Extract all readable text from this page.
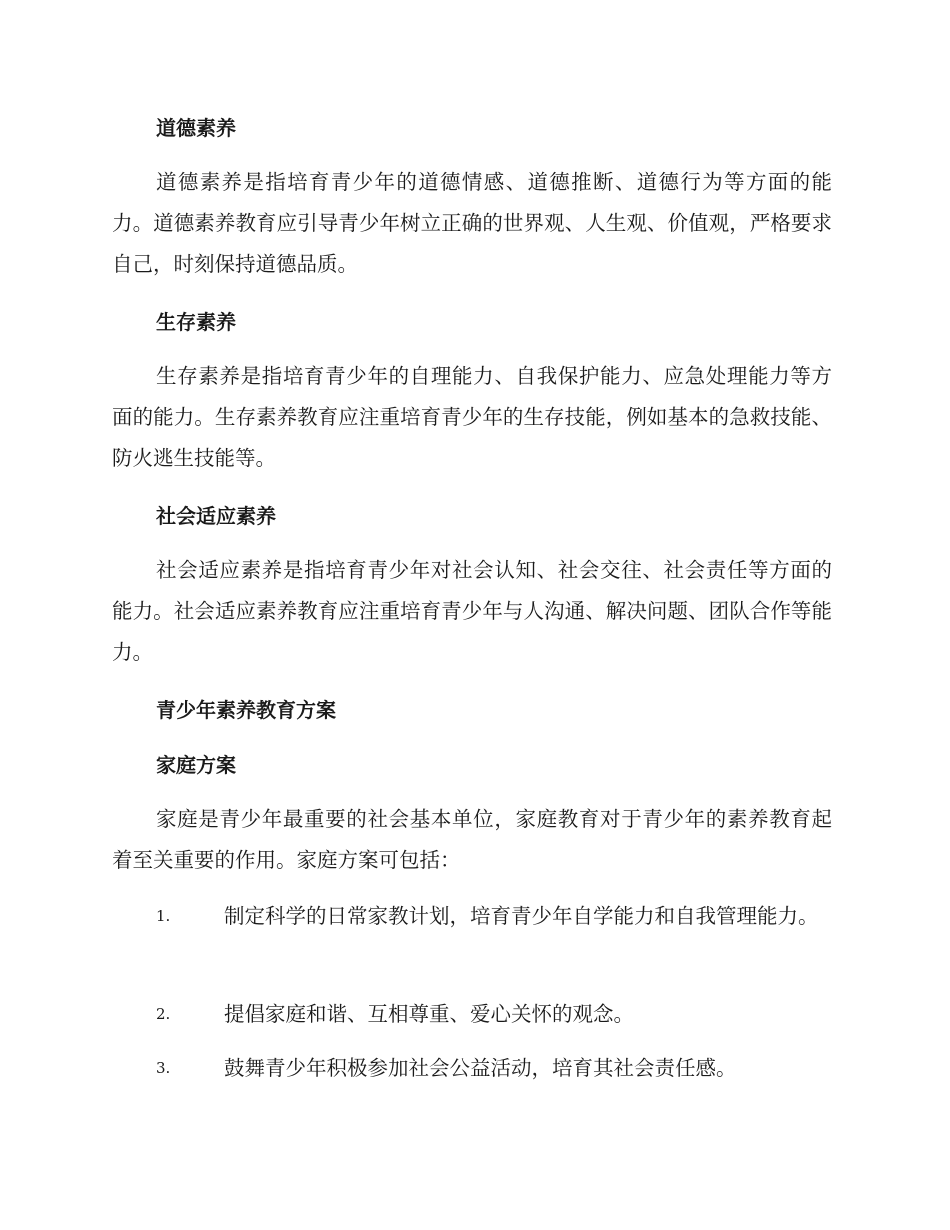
道德素养
道德素养是指培育青少年的道德情感、道德推断、道德行为等方面的能力。道德素养教育应引导青少年树立正确的世界观、人生观、价值观，严格要求自己，时刻保持道德品质。
生存素养
生存素养是指培育青少年的自理能力、自我保护能力、应急处理能力等方面的能力。生存素养教育应注重培育青少年的生存技能，例如基本的急救技能、防火逃生技能等。
社会适应素养
社会适应素养是指培育青少年对社会认知、社会交往、社会责任等方面的能力。社会适应素养教育应注重培育青少年与人沟通、解决问题、团队合作等能力。
青少年素养教育方案
家庭方案
家庭是青少年最重要的社会基本单位，家庭教育对于青少年的素养教育起着至关重要的作用。家庭方案可包括：
1.	制定科学的日常家教计划，培育青少年自学能力和自我管理能力。
2.	提倡家庭和谐、互相尊重、爱心关怀的观念。
3.	鼓舞青少年积极参加社会公益活动，培育其社会责任感。
